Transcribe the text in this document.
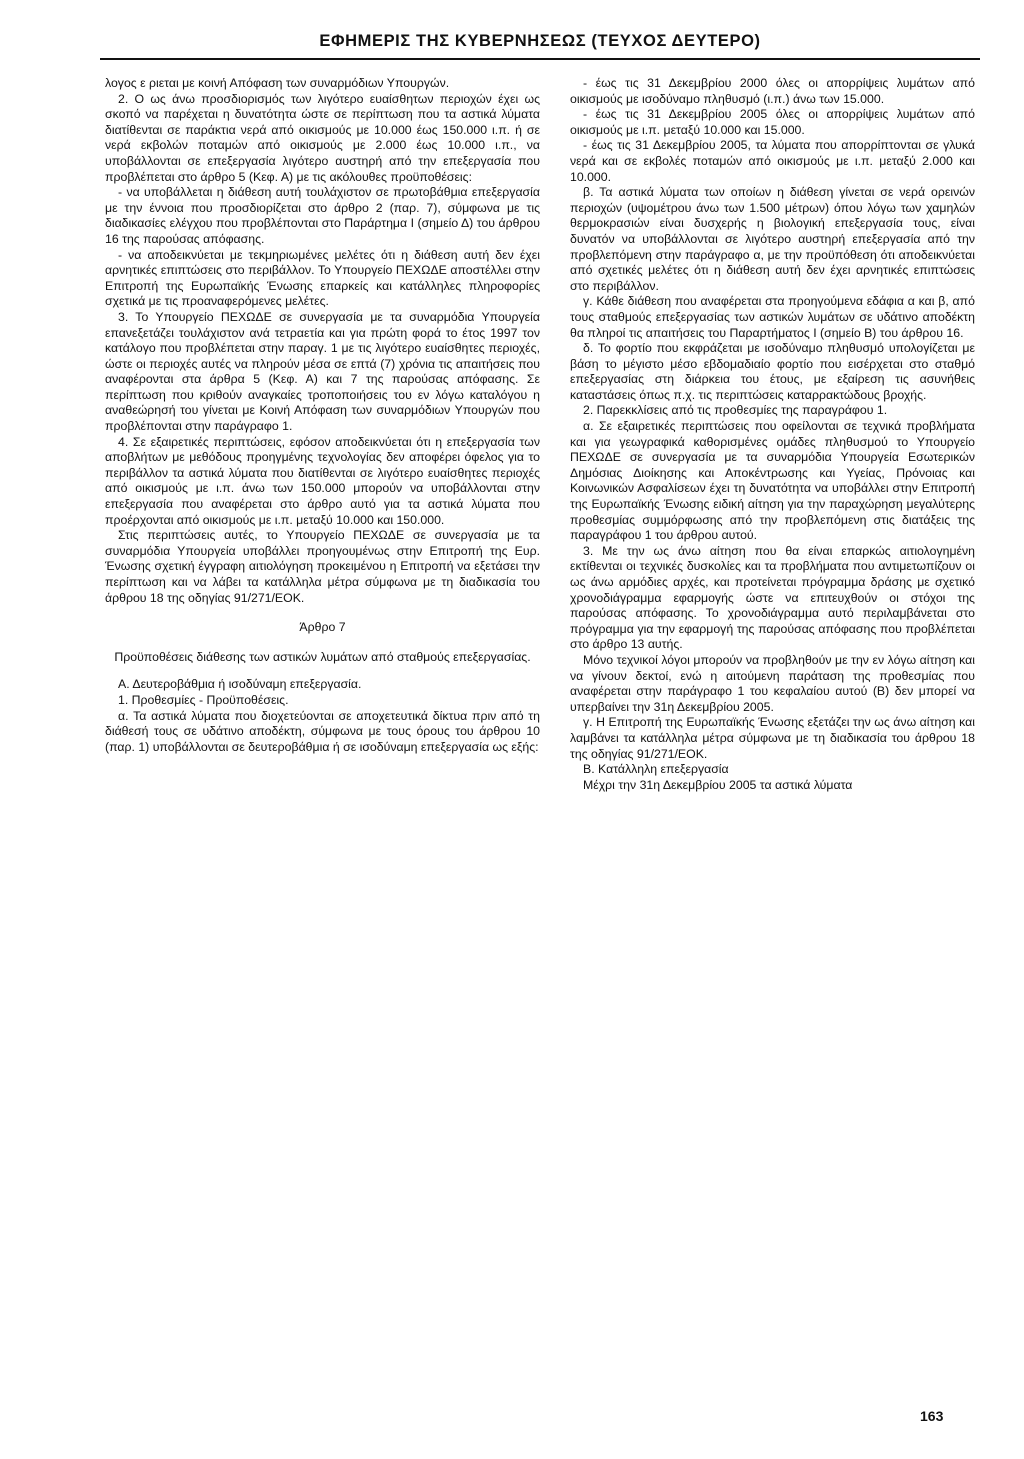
ΕΦΗΜΕΡΙΣ ΤΗΣ ΚΥΒΕΡΝΗΣΕΩΣ (ΤΕΥΧΟΣ ΔΕΥΤΕΡΟ)

λογος ε ριεται με κοινή Απόφαση των συναρμόδιων Υπουργών.

2. Ο ως άνω προσδιορισμός των λιγότερο ευαίσθητων περιοχών έχει ως σκοπό να παρέχεται η δυνατότητα ώστε σε περίπτωση που τα αστικά λύματα διατίθενται σε παράκτια νερά από οικισμούς με 10.000 έως 150.000 ι.π. ή σε νερά εκβολών ποταμών από οικισμούς με 2.000 έως 10.000 ι.π., να υποβάλλονται σε επεξεργασία λιγότερο αυστηρή από την επεξεργασία που προβλέπεται στο άρθρο 5 (Κεφ. Α) με τις ακόλουθες προϋποθέσεις:

- να υποβάλλεται η διάθεση αυτή τουλάχιστον σε πρωτοβάθμια επεξεργασία με την έννοια που προσδιορίζεται στο άρθρο 2 (παρ. 7), σύμφωνα με τις διαδικασίες ελέγχου που προβλέπονται στο Παράρτημα Ι (σημείο Δ) του άρθρου 16 της παρούσας απόφασης.

- να αποδεικνύεται με τεκμηριωμένες μελέτες ότι η διάθεση αυτή δεν έχει αρνητικές επιπτώσεις στο περιβάλλον. Το Υπουργείο ΠΕΧΩΔΕ αποστέλλει στην Επιτροπή της Ευρωπαϊκής Ένωσης επαρκείς και κατάλληλες πληροφορίες σχετικά με τις προαναφερόμενες μελέτες.

3. Το Υπουργείο ΠΕΧΩΔΕ σε συνεργασία με τα συναρμόδια Υπουργεία επανεξετάζει τουλάχιστον ανά τετραετία και για πρώτη φορά το έτος 1997 τον κατάλογο που προβλέπεται στην παραγ. 1 με τις λιγότερο ευαίσθητες περιοχές, ώστε οι περιοχές αυτές να πληρούν μέσα σε επτά (7) χρόνια τις απαιτήσεις που αναφέρονται στα άρθρα 5 (Κεφ. Α) και 7 της παρούσας απόφασης. Σε περίπτωση που κριθούν αναγκαίες τροποποιήσεις του εν λόγω καταλόγου η αναθεώρησή του γίνεται με Κοινή Απόφαση των συναρμόδιων Υπουργών που προβλέπονται στην παράγραφο 1.

4. Σε εξαιρετικές περιπτώσεις, εφόσον αποδεικνύεται ότι η επεξεργασία των αποβλήτων με μεθόδους προηγμένης τεχνολογίας δεν αποφέρει όφελος για το περιβάλλον τα αστικά λύματα που διατίθενται σε λιγότερο ευαίσθητες περιοχές από οικισμούς με ι.π. άνω των 150.000 μπορούν να υποβάλλονται στην επεξεργασία που αναφέρεται στο άρθρο αυτό για τα αστικά λύματα που προέρχονται από οικισμούς με ι.π. μεταξύ 10.000 και 150.000.

Στις περιπτώσεις αυτές, το Υπουργείο ΠΕΧΩΔΕ σε συνεργασία με τα συναρμόδια Υπουργεία υποβάλλει προηγουμένως στην Επιτροπή της Ευρ. Ένωσης σχετική έγγραφη αιτιολόγηση προκειμένου η Επιτροπή να εξετάσει την περίπτωση και να λάβει τα κατάλληλα μέτρα σύμφωνα με τη διαδικασία του άρθρου 18 της οδηγίας 91/271/ΕΟΚ.

Άρθρο 7

Προϋποθέσεις διάθεσης των αστικών λυμάτων από σταθμούς επεξεργασίας.

Α. Δευτεροβάθμια ή ισοδύναμη επεξεργασία.

1. Προθεσμίες - Προϋποθέσεις.

α. Τα αστικά λύματα που διοχετεύονται σε αποχετευτικά δίκτυα πριν από τη διάθεσή τους σε υδάτινο αποδέκτη, σύμφωνα με τους όρους του άρθρου 10 (παρ. 1) υποβάλλονται σε δευτεροβάθμια ή σε ισοδύναμη επεξεργασία ως εξής:

- έως τις 31 Δεκεμβρίου 2000 όλες οι απορρίψεις λυμάτων από οικισμούς με ισοδύναμο πληθυσμό (ι.π.) άνω των 15.000.

- έως τις 31 Δεκεμβρίου 2005 όλες οι απορρίψεις λυμάτων από οικισμούς με ι.π. μεταξύ 10.000 και 15.000.

- έως τις 31 Δεκεμβρίου 2005, τα λύματα που απορρίπτονται σε γλυκά νερά και σε εκβολές ποταμών από οικισμούς με ι.π. μεταξύ 2.000 και 10.000.

β. Τα αστικά λύματα των οποίων η διάθεση γίνεται σε νερά ορεινών περιοχών (υψομέτρου άνω των 1.500 μέτρων) όπου λόγω των χαμηλών θερμοκρασιών είναι δυσχερής η βιολογική επεξεργασία τους, είναι δυνατόν να υποβάλλονται σε λιγότερο αυστηρή επεξεργασία από την προβλεπόμενη στην παράγραφο α, με την προϋπόθεση ότι αποδεικνύεται από σχετικές μελέτες ότι η διάθεση αυτή δεν έχει αρνητικές επιπτώσεις στο περιβάλλον.

γ. Κάθε διάθεση που αναφέρεται στα προηγούμενα εδάφια α και β, από τους σταθμούς επεξεργασίας των αστικών λυμάτων σε υδάτινο αποδέκτη θα πληροί τις απαιτήσεις του Παραρτήματος Ι (σημείο Β) του άρθρου 16.

δ. Το φορτίο που εκφράζεται με ισοδύναμο πληθυσμό υπολογίζεται με βάση το μέγιστο μέσο εβδομαδιαίο φορτίο που εισέρχεται στο σταθμό επεξεργασίας στη διάρκεια του έτους, με εξαίρεση τις ασυνήθεις καταστάσεις όπως π.χ. τις περιπτώσεις καταρρακτώδους βροχής.

2. Παρεκκλίσεις από τις προθεσμίες της παραγράφου 1.

α. Σε εξαιρετικές περιπτώσεις που οφείλονται σε τεχνικά προβλήματα και για γεωγραφικά καθορισμένες ομάδες πληθυσμού το Υπουργείο ΠΕΧΩΔΕ σε συνεργασία με τα συναρμόδια Υπουργεία Εσωτερικών Δημόσιας Διοίκησης και Αποκέντρωσης και Υγείας, Πρόνοιας και Κοινωνικών Ασφαλίσεων έχει τη δυνατότητα να υποβάλλει στην Επιτροπή της Ευρωπαϊκής Ένωσης ειδική αίτηση για την παραχώρηση μεγαλύτερης προθεσμίας συμμόρφωσης από την προβλεπόμενη στις διατάξεις της παραγράφου 1 του άρθρου αυτού.

3. Με την ως άνω αίτηση που θα είναι επαρκώς αιτιολογημένη εκτίθενται οι τεχνικές δυσκολίες και τα προβλήματα που αντιμετωπίζουν οι ως άνω αρμόδιες αρχές, και προτείνεται πρόγραμμα δράσης με σχετικό χρονοδιάγραμμα εφαρμογής ώστε να επιτευχθούν οι στόχοι της παρούσας απόφασης. Το χρονοδιάγραμμα αυτό περιλαμβάνεται στο πρόγραμμα για την εφαρμογή της παρούσας απόφασης που προβλέπεται στο άρθρο 13 αυτής.

Μόνο τεχνικοί λόγοι μπορούν να προβληθούν με την εν λόγω αίτηση και να γίνουν δεκτοί, ενώ η αιτούμενη παράταση της προθεσμίας που αναφέρεται στην παράγραφο 1 του κεφαλαίου αυτού (Β) δεν μπορεί να υπερβαίνει την 31η Δεκεμβρίου 2005.

γ. Η Επιτροπή της Ευρωπαϊκής Ένωσης εξετάζει την ως άνω αίτηση και λαμβάνει τα κατάλληλα μέτρα σύμφωνα με τη διαδικασία του άρθρου 18 της οδηγίας 91/271/ΕΟΚ.

Β. Κατάλληλη επεξεργασία

Μέχρι την 31η Δεκεμβρίου 2005 τα αστικά λύματα

163
